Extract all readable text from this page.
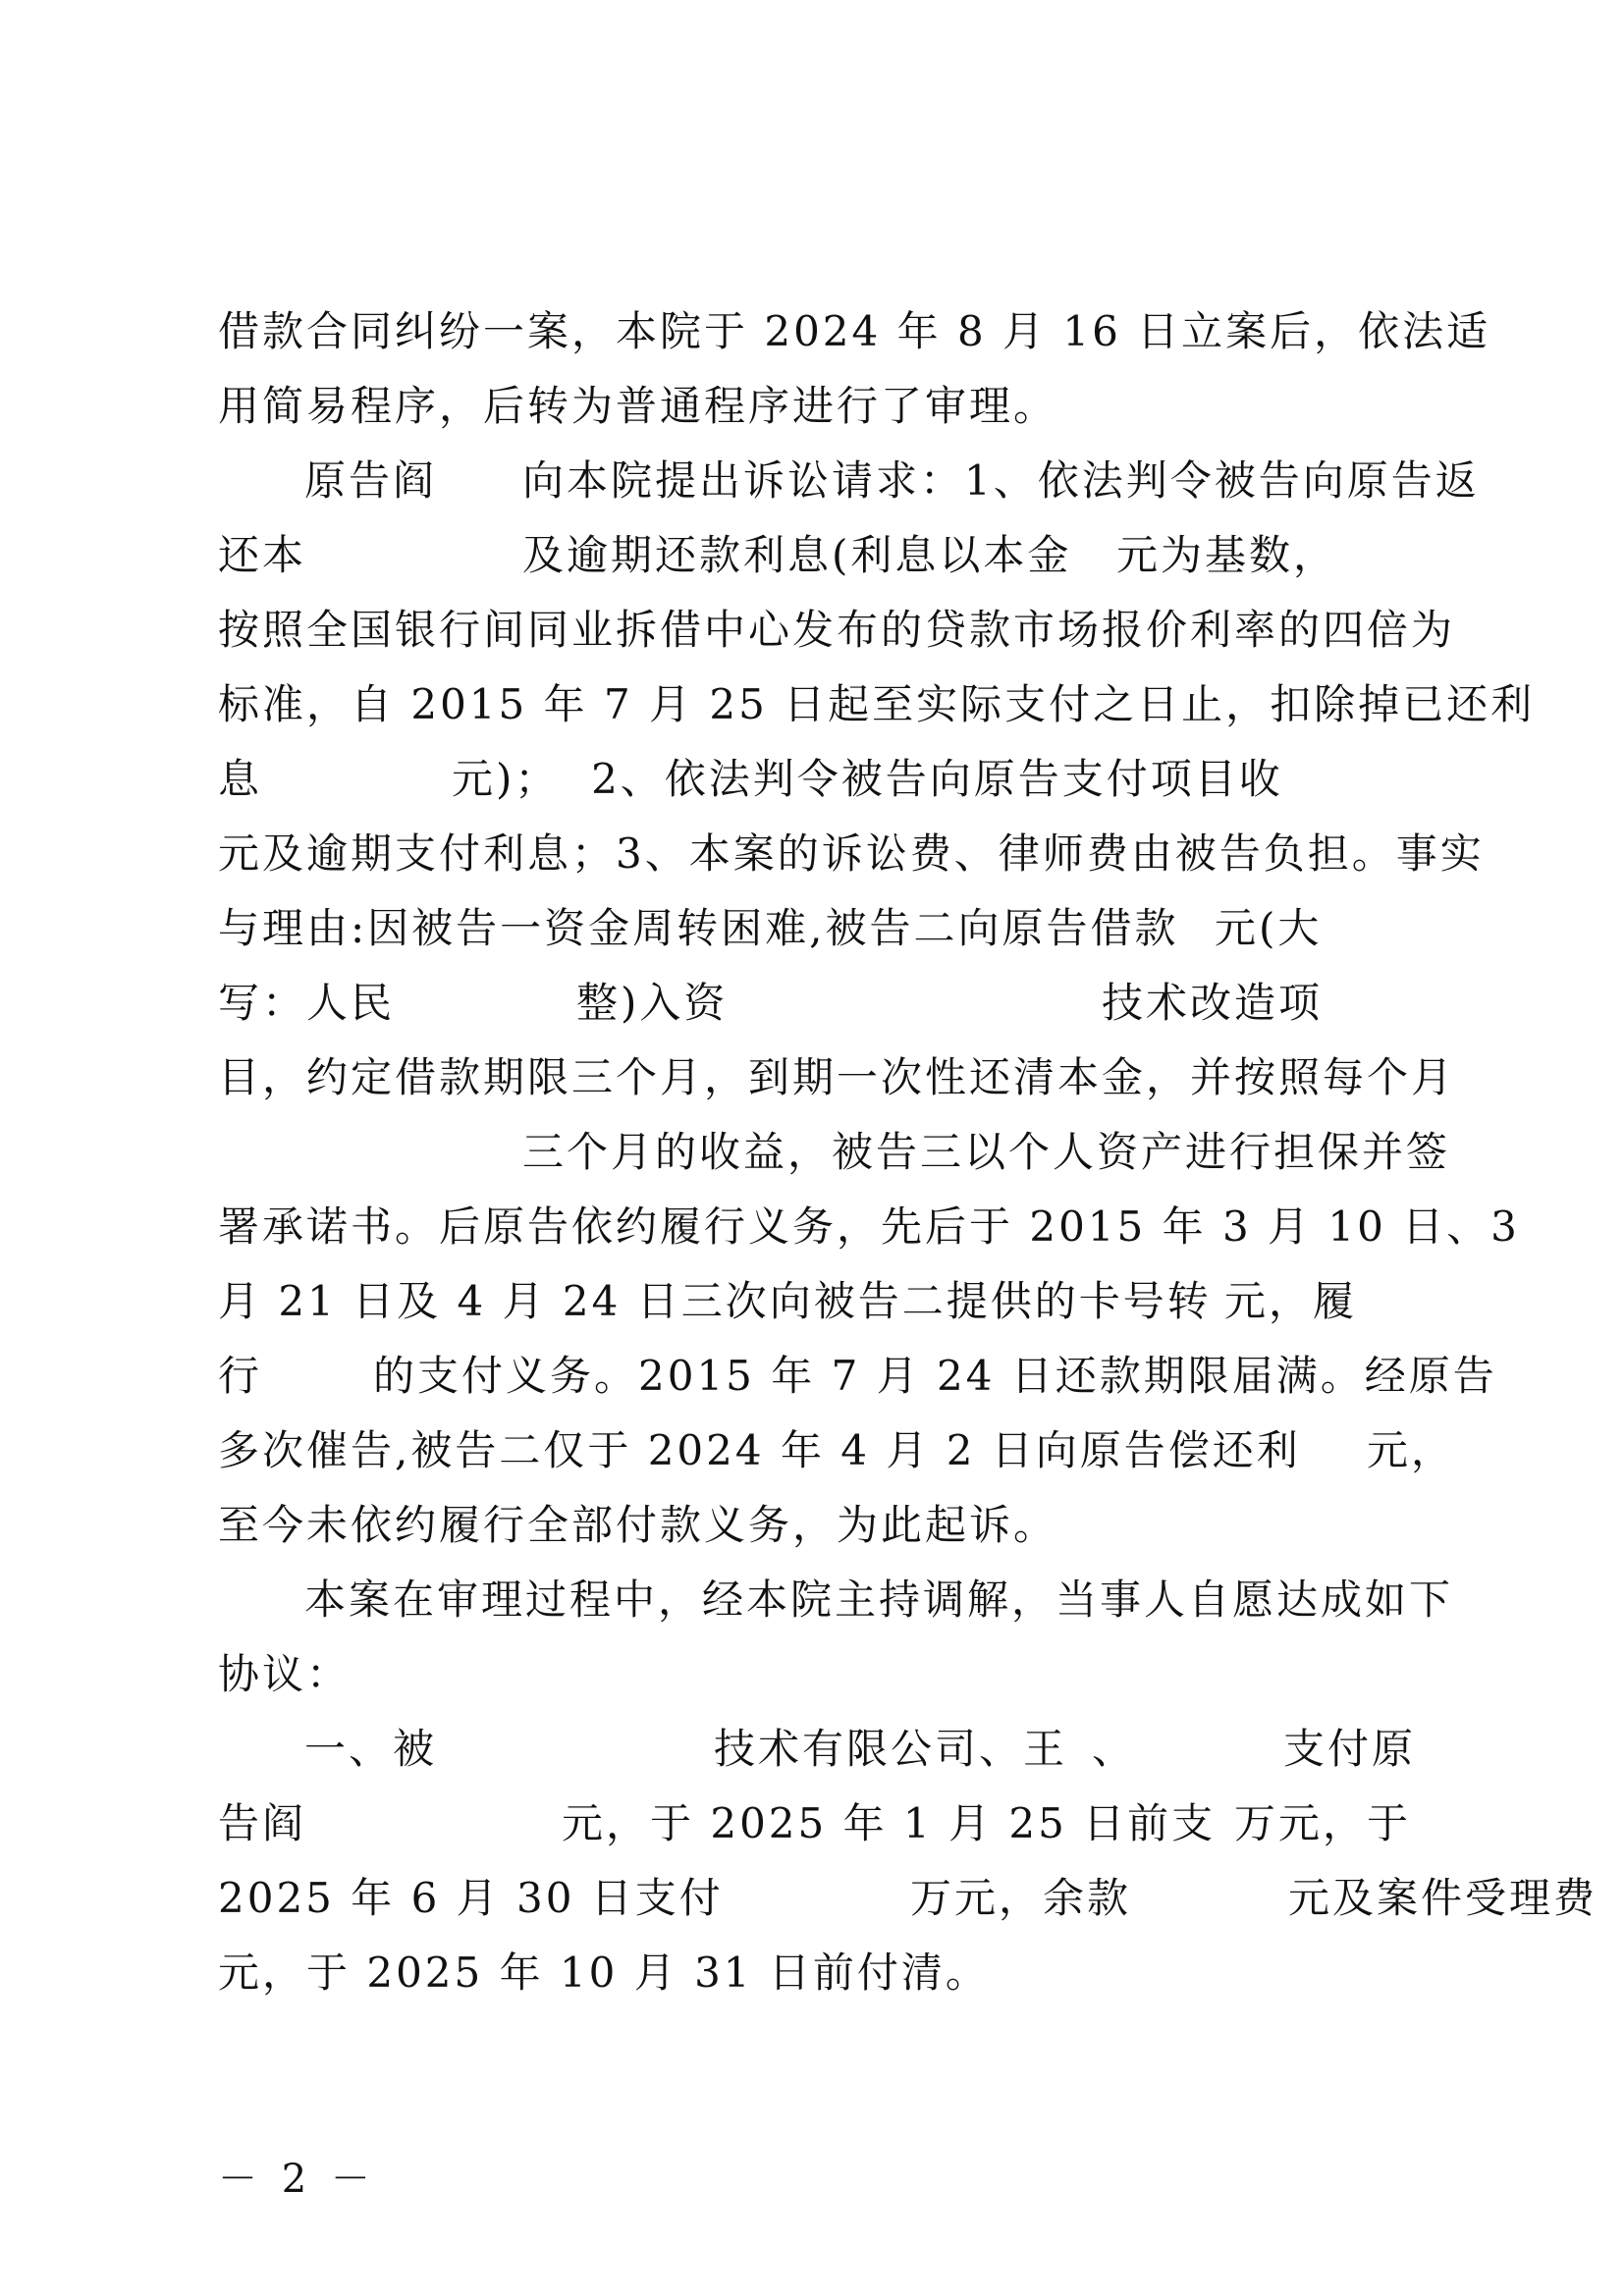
借款合同纠纷一案，本院于 2024 年 8 月 16 日立案后，依法适
用简易程序，后转为普通程序进行了审理。
原告阎 向本院提出诉讼请求：1、依法判令被告向原告返
还本	及逾期还款利息(利息以本金 元为基数，
按照全国银行间同业拆借中心发布的贷款市场报价利率的四倍为
标准，自 2015 年 7 月 25 日起至实际支付之日止，扣除掉已还利
息	元)；  2、依法判令被告向原告支付项目收
元及逾期支付利息；3、本案的诉讼费、律师费由被告负担。事实
与理由:因被告一资金周转困难,被告二向原告借款 元(大
写：人民	整)入资	技术改造项
目，约定借款期限三个月，到期一次性还清本金，并按照每个月
三个月的收益，被告三以个人资产进行担保并签
署承诺书。后原告依约履行义务，先后于 2015 年 3 月 10 日、3
月 21 日及 4 月 24 日三次向被告二提供的卡号转 元，履
行	的支付义务。2015 年 7 月 24 日还款期限届满。经原告
多次催告,被告二仅于 2024 年 4 月 2 日向原告偿还利 元，
至今未依约履行全部付款义务，为此起诉。
本案在审理过程中，经本院主持调解，当事人自愿达成如下
协议：
一、被	技术有限公司、王 、	支付原
告阎	元，于 2025 年 1 月 25 日前支 万元，于
2025 年 6 月 30 日支付	万元，余款	元及案件受理费
元，于 2025 年 10 月 31 日前付清。
－ 2 －
